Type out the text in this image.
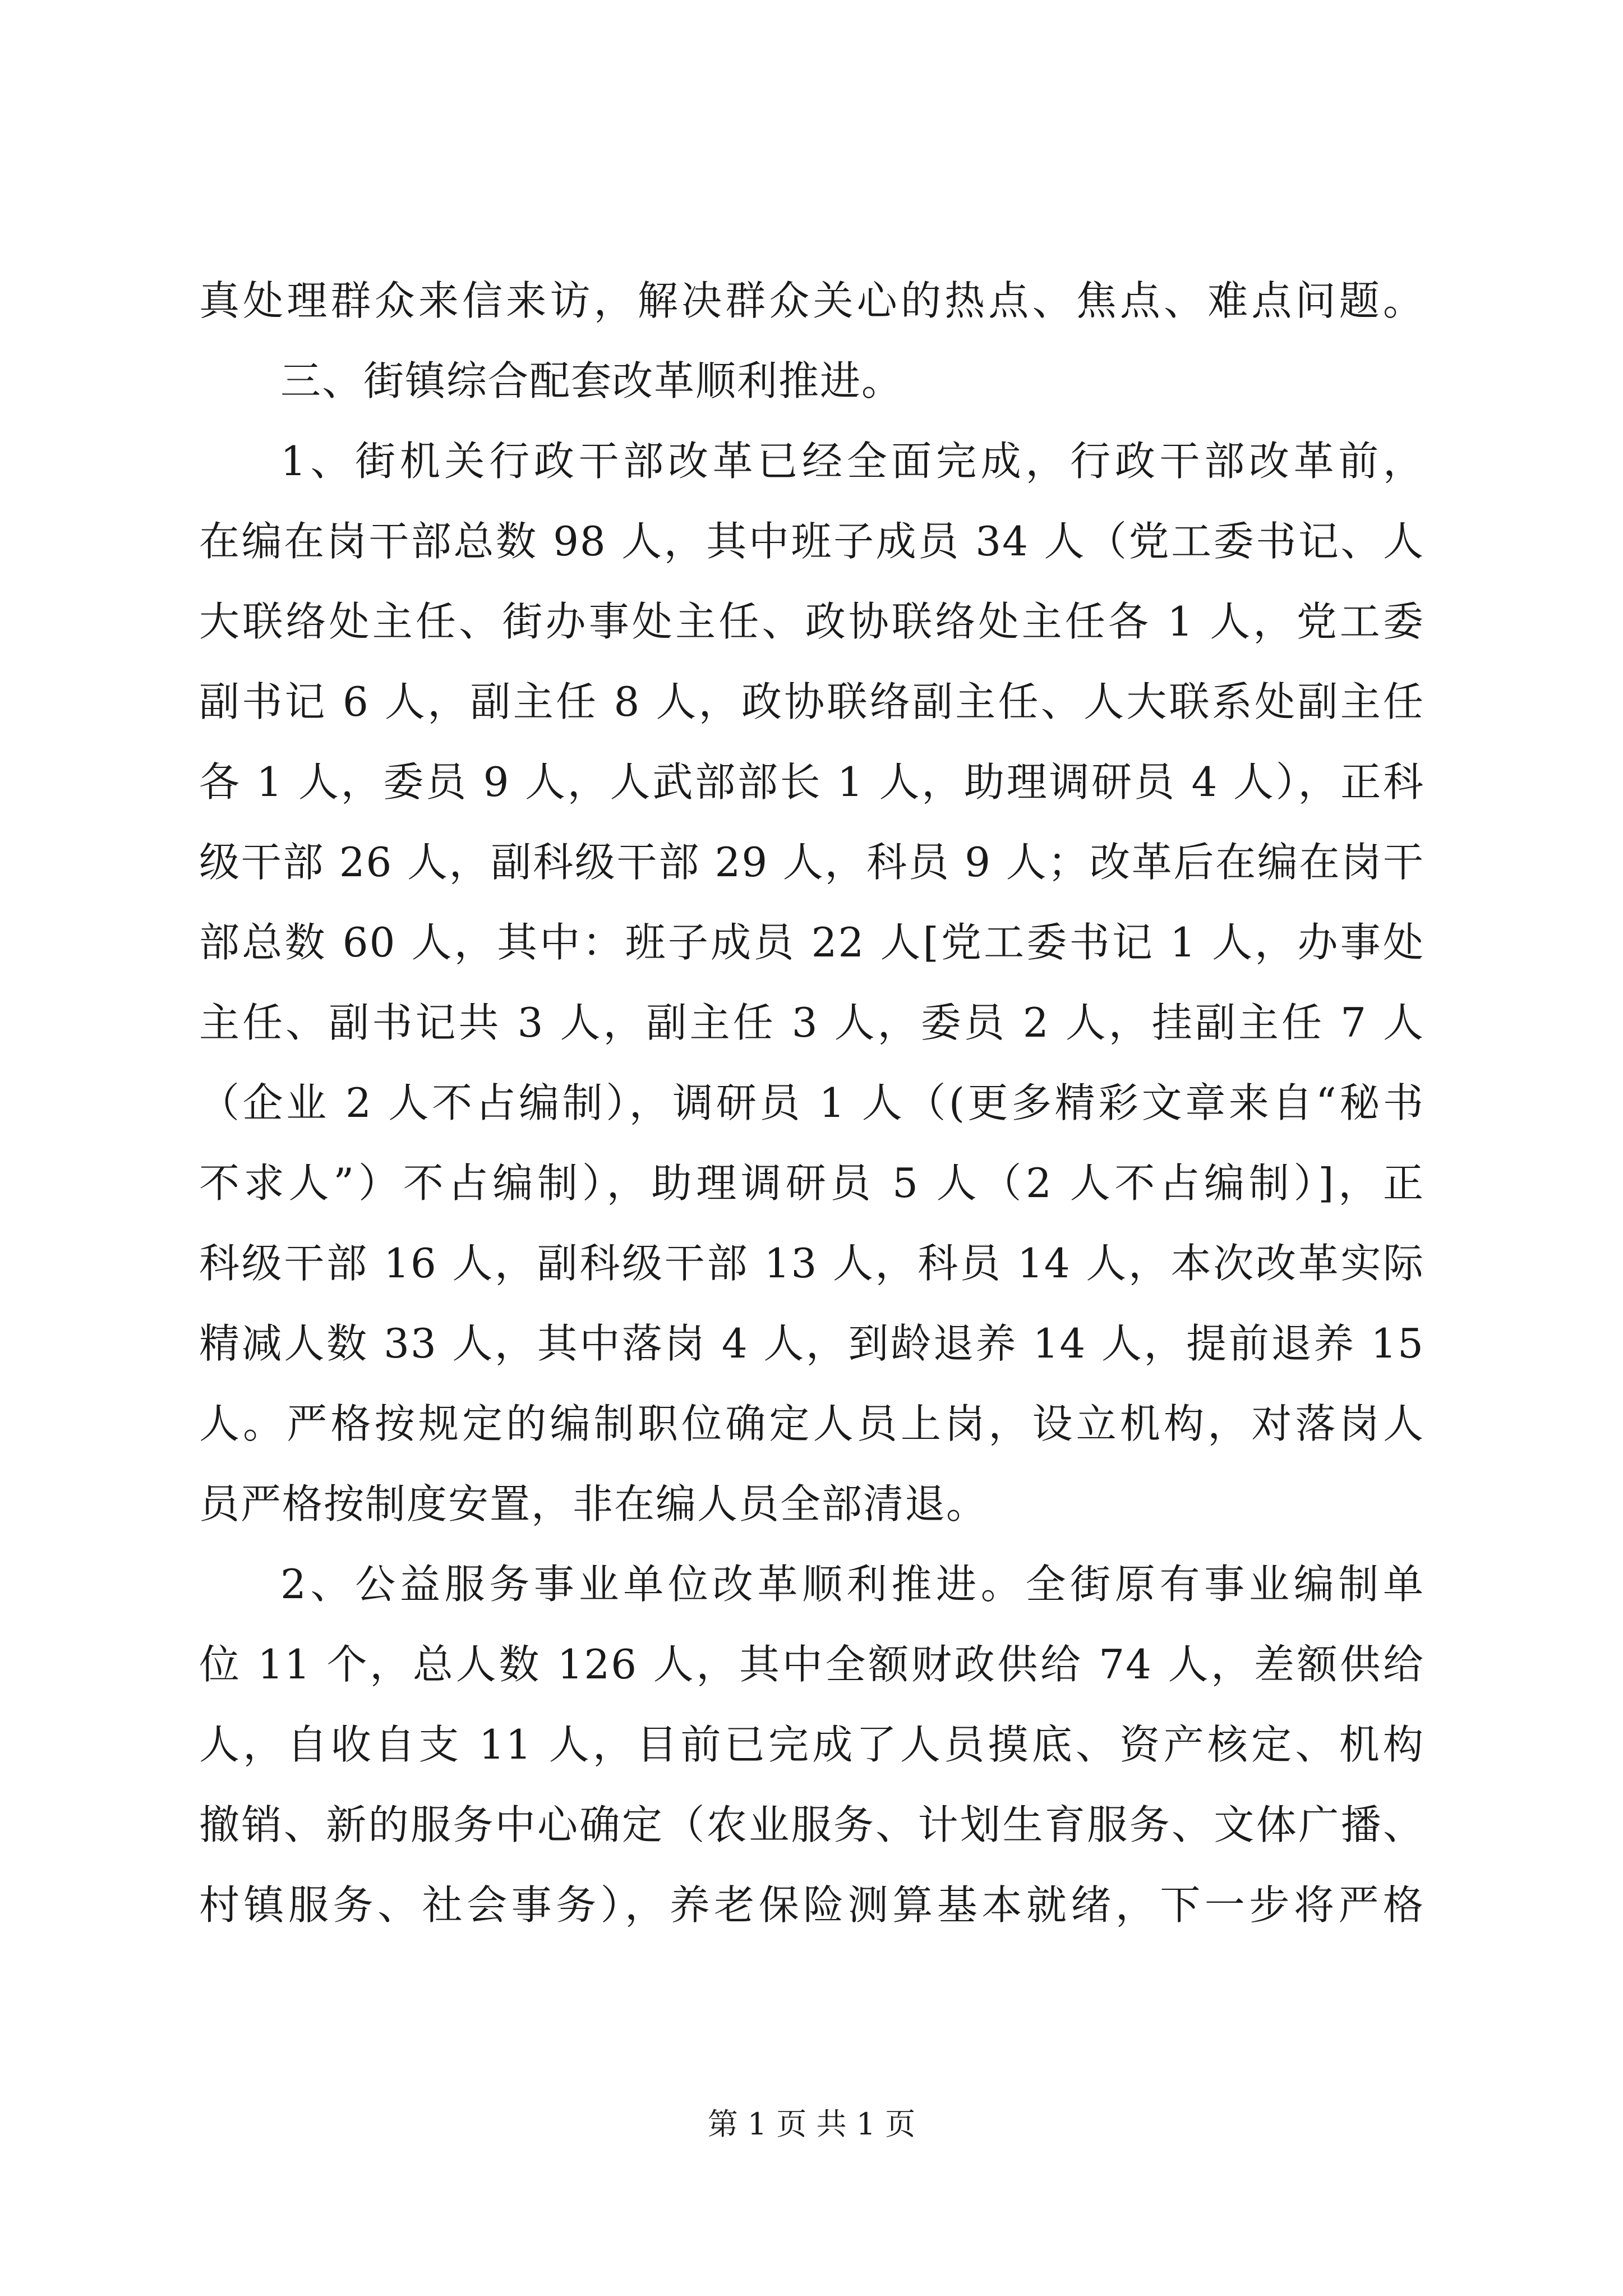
真处理群众来信来访，解决群众关心的热点、焦点、难点问题。
三、街镇综合配套改革顺利推进。
1、街机关行政干部改革已经全面完成，行政干部改革前，
在编在岗干部总数 98 人，其中班子成员 34 人（党工委书记、人
大联络处主任、街办事处主任、政协联络处主任各 1 人，党工委
副书记 6 人，副主任 8 人，政协联络副主任、人大联系处副主任
各 1 人，委员 9 人，人武部部长 1 人，助理调研员 4 人），正科
级干部 26 人，副科级干部 29 人，科员 9 人；改革后在编在岗干
部总数 60 人，其中：班子成员 22 人[党工委书记 1 人，办事处
主任、副书记共 3 人，副主任 3 人，委员 2 人，挂副主任 7 人
（企业 2 人不占编制），调研员 1 人（(更多精彩文章来自“秘书
不求人”）不占编制），助理调研员 5 人（2 人不占编制）]，正
科级干部 16 人，副科级干部 13 人，科员 14 人，本次改革实际
精减人数 33 人，其中落岗 4 人，到龄退养 14 人，提前退养 15
人。严格按规定的编制职位确定人员上岗，设立机构，对落岗人
员严格按制度安置，非在编人员全部清退。
2、公益服务事业单位改革顺利推进。全街原有事业编制单
位 11 个，总人数 126 人，其中全额财政供给 74 人，差额供给
人，自收自支 11 人，目前已完成了人员摸底、资产核定、机构
撤销、新的服务中心确定（农业服务、计划生育服务、文体广播、
村镇服务、社会事务），养老保险测算基本就绪，下一步将严格
第 1 页 共 1 页
